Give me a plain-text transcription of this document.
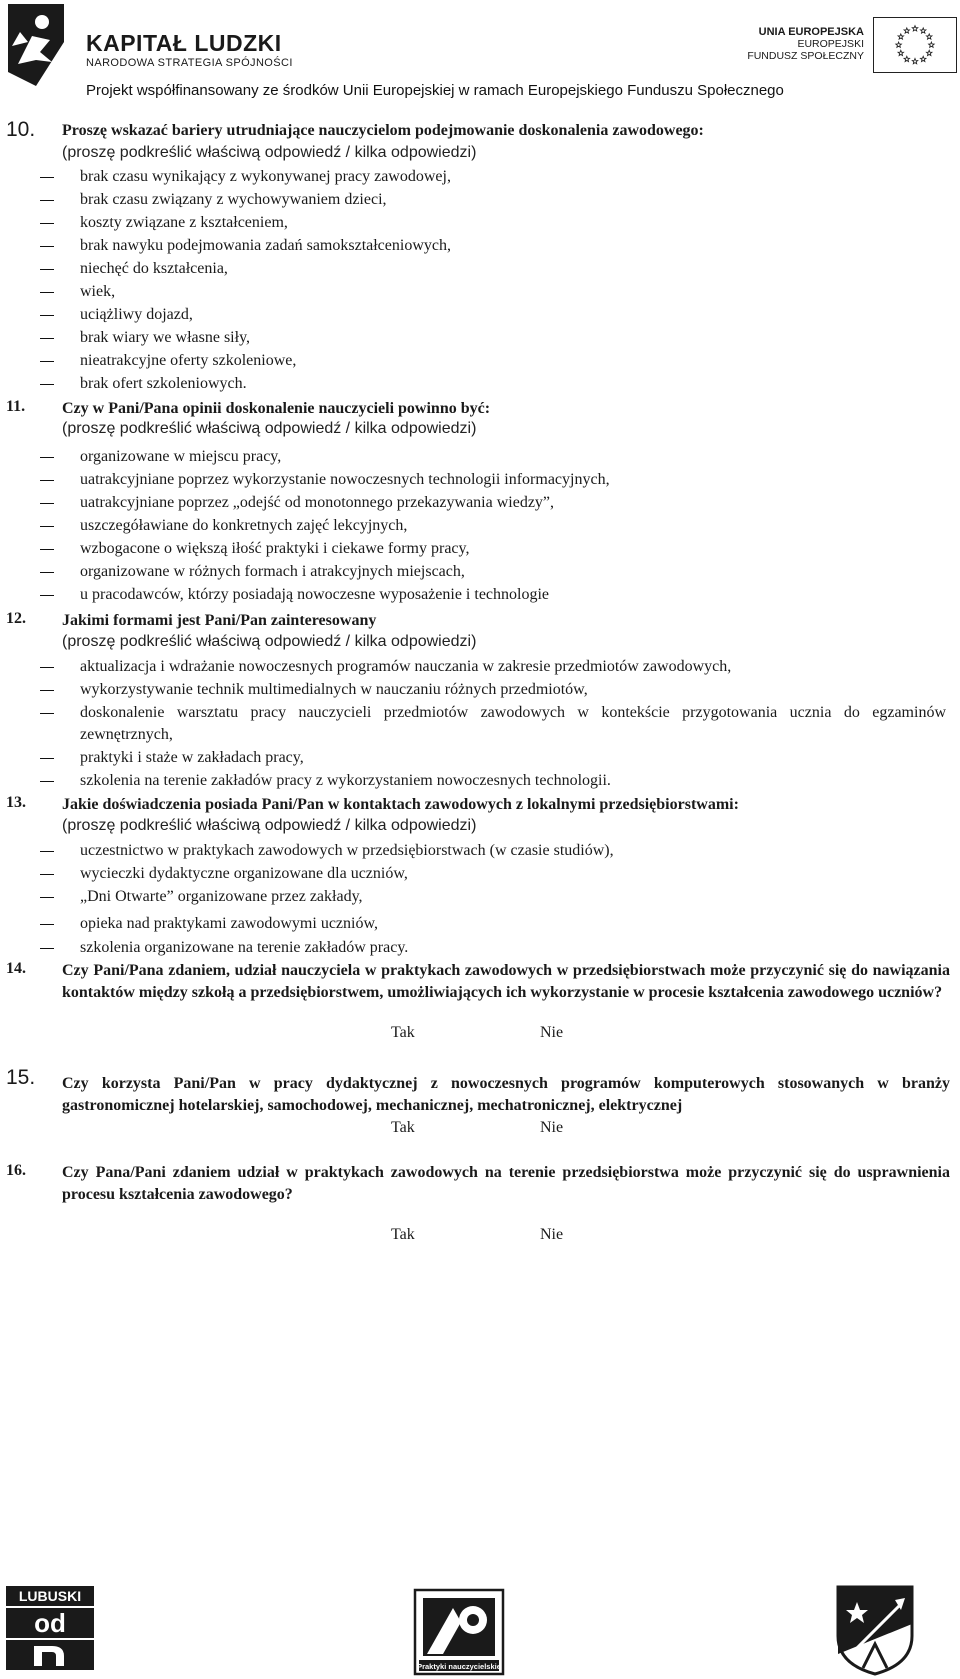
KAPITAŁ LUDZKI
NARODOWA STRATEGIA SPÓJNOŚCI
UNIA EUROPEJSKA
EUROPEJSKI
FUNDUSZ SPOŁECZNY
Projekt współfinansowany ze środków Unii Europejskiej w ramach Europejskiego Funduszu Społecznego
10. Proszę wskazać bariery utrudniające nauczycielom podejmowanie doskonalenia zawodowego:
(proszę podkreślić właściwą odpowiedź / kilka odpowiedzi)
brak czasu wynikający z wykonywanej pracy zawodowej,
brak czasu związany z wychowywaniem dzieci,
koszty związane z kształceniem,
brak nawyku podejmowania zadań samokształceniowych,
niechęć do kształcenia,
wiek,
uciążliwy dojazd,
brak wiary we własne siły,
nieatrakcyjne oferty szkoleniowe,
brak ofert szkoleniowych.
11. Czy w Pani/Pana opinii doskonalenie nauczycieli powinno być:
(proszę podkreślić właściwą odpowiedź / kilka odpowiedzi)
organizowane w miejscu pracy,
uatrakcyjniane poprzez wykorzystanie nowoczesnych technologii informacyjnych,
uatrakcyjniane poprzez „odejść od monotonnego przekazywania wiedzy”,
uszczegóławiane do konkretnych zajęć lekcyjnych,
wzbogacone o większą iłość praktyki i ciekawe formy pracy,
organizowane w różnych formach i atrakcyjnych miejscach,
u pracodawców, którzy posiadają nowoczesne wyposażenie i technologie
12. Jakimi formami jest Pani/Pan zainteresowany
(proszę podkreślić właściwą odpowiedź / kilka odpowiedzi)
aktualizacja i wdrażanie nowoczesnych programów nauczania w zakresie przedmiotów zawodowych,
wykorzystywanie technik multimedialnych w nauczaniu różnych przedmiotów,
doskonalenie warsztatu pracy nauczycieli przedmiotów zawodowych w kontekście przygotowania ucznia do egzaminów zewnętrznych,
praktyki i staże w zakładach pracy,
szkolenia na terenie zakładów pracy z wykorzystaniem nowoczesnych technologii.
13. Jakie doświadczenia posiada Pani/Pan w kontaktach zawodowych z lokalnymi przedsiębiorstwami:
(proszę podkreślić właściwą odpowiedź / kilka odpowiedzi)
uczestnictwo w praktykach zawodowych w przedsiębiorstwach (w czasie studiów),
wycieczki dydaktyczne organizowane dla uczniów,
„Dni Otwarte” organizowane przez zakłady,
opieka nad praktykami zawodowymi uczniów,
szkolenia organizowane na terenie zakładów pracy.
14. Czy Pani/Pana zdaniem, udział nauczyciela w praktykach zawodowych w przedsiębiorstwach może przyczynić się do nawiązania kontaktów między szkołą a przedsiębiorstwem, umożliwiających ich wykorzystanie w procesie kształcenia zawodowego uczniów?
Tak	Nie
15. Czy korzysta Pani/Pan w pracy dydaktycznej z nowoczesnych programów komputerowych stosowanych w branży gastronomicznej hotelarskiej, samochodowej, mechanicznej, mechatronicznej, elektrycznej
Tak	Nie
16. Czy Pana/Pani zdaniem udział w praktykach zawodowych na terenie przedsiębiorstwa może przyczynić się do usprawnienia procesu kształcenia zawodowego?
Tak	Nie
LUBUSKI
od
Praktyki nauczycielskie
